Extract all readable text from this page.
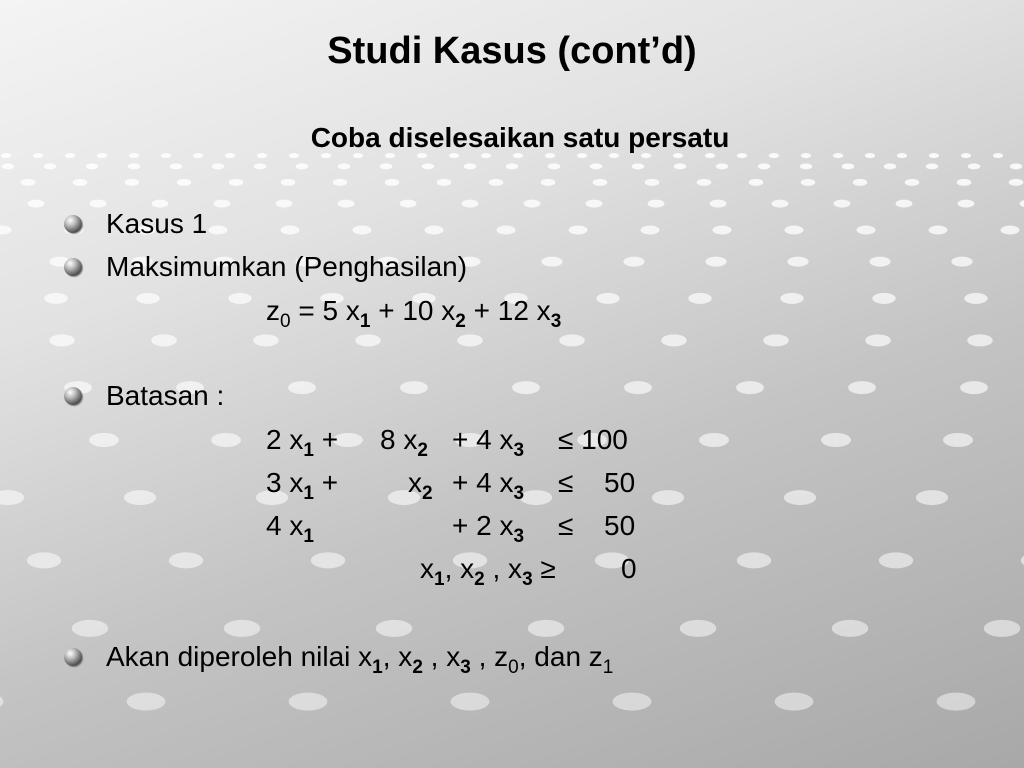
Studi Kasus (cont’d)
Coba diselesaikan satu persatu
Kasus 1
Maksimumkan (Penghasilan)
$z_0 = 5$ $x_1 + 10$ $x_2 + 12$ $x_3$
Batasan :
2 $x_1 + 8$ $x_2 + 4$ $x_3 \le 100$
3 $x_1 + x_2 + 4$ $x_3 \le 50$
4 $x_1$	+ 2 $x_3 \le 50$
$x_1$, $x_2$ , $x_3 \ge 0$
Akan diperoleh nilai $x_1$, $x_2$ , $x_3$ , $z_0$, dan $z_1$
